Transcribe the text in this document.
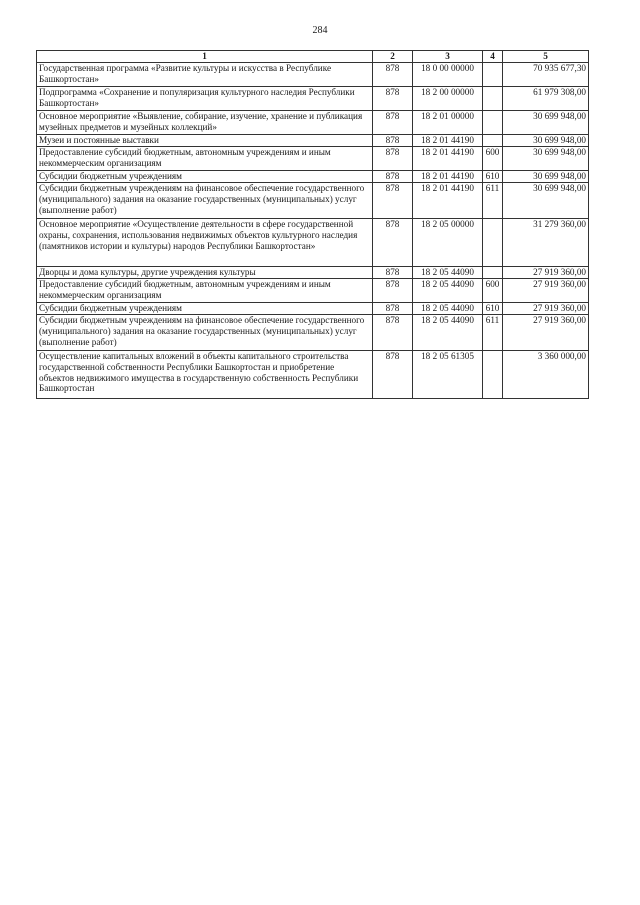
284
1	2	3	4	5
Государственная программа «Развитие культуры и искусства в Республике Башкортостан»	878	18 0 00 00000		70 935 677,30
Подпрограмма «Сохранение и популяризация культурного наследия Республики Башкортостан»	878	18 2 00 00000		61 979 308,00
Основное мероприятие «Выявление, собирание, изучение, хранение и публикация музейных предметов и музейных коллекций»	878	18 2 01 00000		30 699 948,00
Музеи и постоянные выставки	878	18 2 01 44190		30 699 948,00
Предоставление субсидий бюджетным, автономным учреждениям и иным некоммерческим организациям	878	18 2 01 44190	600	30 699 948,00
Субсидии бюджетным учреждениям	878	18 2 01 44190	610	30 699 948,00
Субсидии бюджетным учреждениям на финансовое обеспечение государственного (муниципального) задания на оказание государственных (муниципальных) услуг (выполнение работ)	878	18 2 01 44190	611	30 699 948,00
Основное мероприятие «Осуществление деятельности в сфере государственной охраны, сохранения, использования недвижимых объектов культурного наследия (памятников истории и культуры) народов Республики Башкортостан»	878	18 2 05 00000		31 279 360,00
Дворцы и дома культуры, другие учреждения культуры	878	18 2 05 44090		27 919 360,00
Предоставление субсидий бюджетным, автономным учреждениям и иным некоммерческим организациям	878	18 2 05 44090	600	27 919 360,00
Субсидии бюджетным учреждениям	878	18 2 05 44090	610	27 919 360,00
Субсидии бюджетным учреждениям на финансовое обеспечение государственного (муниципального) задания на оказание государственных (муниципальных) услуг (выполнение работ)	878	18 2 05 44090	611	27 919 360,00
Осуществление капитальных вложений в объекты капитального строительства государственной собственности Республики Башкортостан и приобретение объектов недвижимого имущества в государственную собственность Республики Башкортостан	878	18 2 05 61305		3 360 000,00
